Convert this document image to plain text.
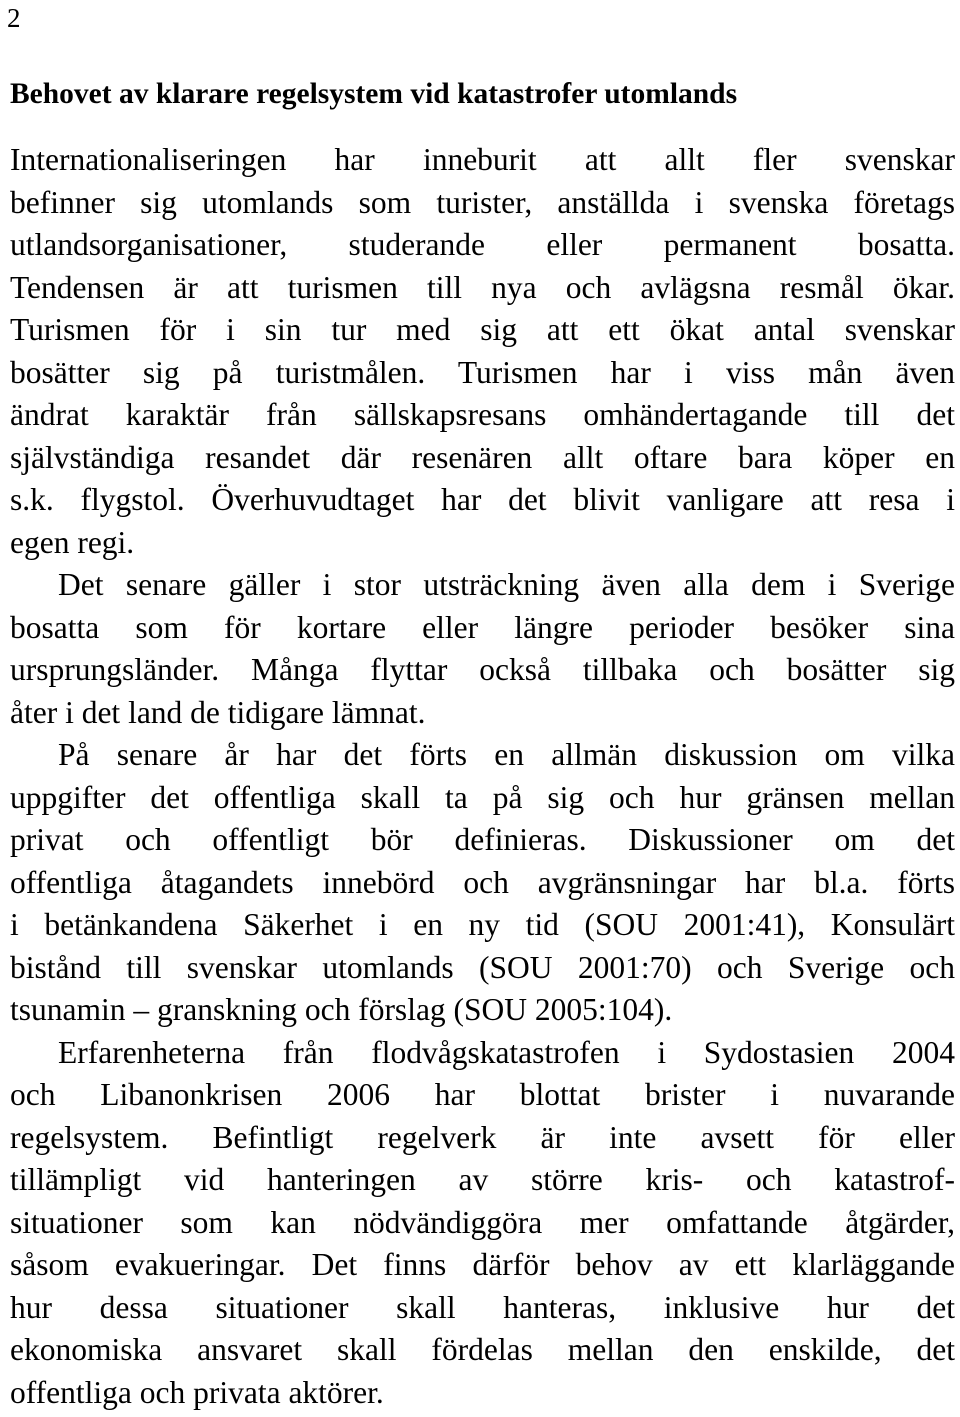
2
Behovet av klarare regelsystem vid katastrofer utomlands
Internationaliseringen har inneburit att allt fler svenskar
befinner sig utomlands som turister, anställda i svenska företags
utlandsorganisationer, studerande eller permanent bosatta.
Tendensen är att turismen till nya och avlägsna resmål ökar.
Turismen för i sin tur med sig att ett ökat antal svenskar
bosätter sig på turistmålen. Turismen har i viss mån även
ändrat karaktär från sällskapsresans omhändertagande till det
självständiga resandet där resenären allt oftare bara köper en
s.k. flygstol. Överhuvudtaget har det blivit vanligare att resa i
egen regi.
Det senare gäller i stor utsträckning även alla dem i Sverige
bosatta som för kortare eller längre perioder besöker sina
ursprungsländer. Många flyttar också tillbaka och bosätter sig
åter i det land de tidigare lämnat.
På senare år har det förts en allmän diskussion om vilka
uppgifter det offentliga skall ta på sig och hur gränsen mellan
privat och offentligt bör definieras. Diskussioner om det
offentliga åtagandets innebörd och avgränsningar har bl.a. förts
i betänkandena Säkerhet i en ny tid (SOU 2001:41), Konsulärt
bistånd till svenskar utomlands (SOU 2001:70) och Sverige och
tsunamin – granskning och förslag (SOU 2005:104).
Erfarenheterna från flodvågskatastrofen i Sydostasien 2004
och Libanonkrisen 2006 har blottat brister i nuvarande
regelsystem. Befintligt regelverk är inte avsett för eller
tillämpligt vid hanteringen av större kris- och katastrof-
situationer som kan nödvändiggöra mer omfattande åtgärder,
såsom evakueringar. Det finns därför behov av ett klarläggande
hur dessa situationer skall hanteras, inklusive hur det
ekonomiska ansvaret skall fördelas mellan den enskilde, det
offentliga och privata aktörer.
